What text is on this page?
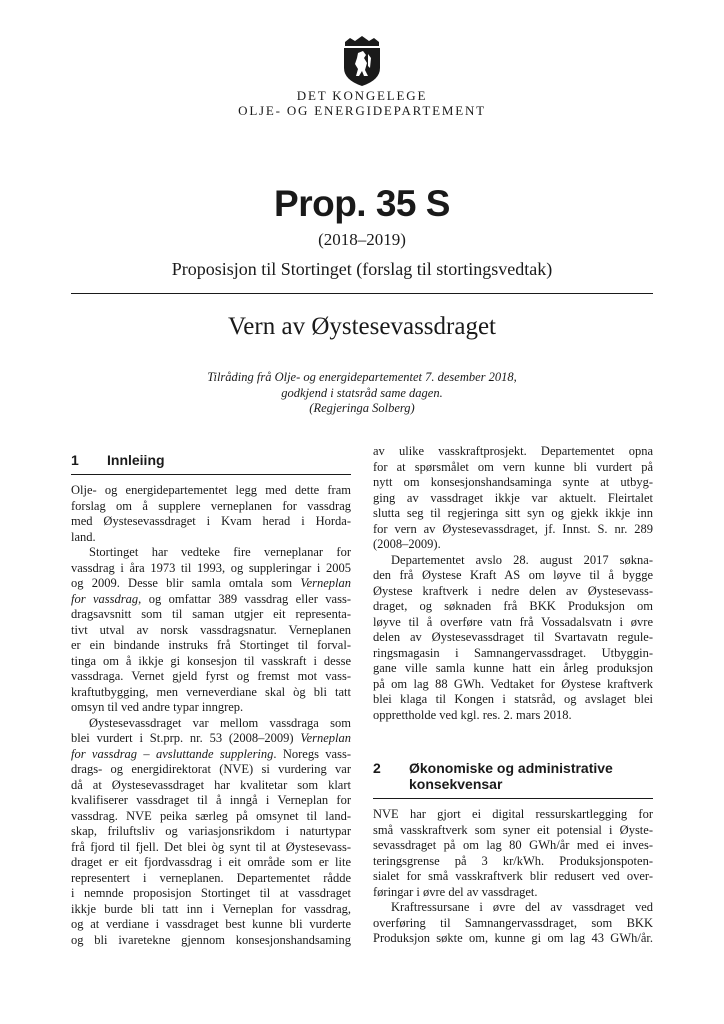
DET KONGELEGE
OLJE- OG ENERGIDEPARTEMENT
Prop. 35 S
(2018–2019)
Proposisjon til Stortinget (forslag til stortingsvedtak)
Vern av Øystesevassdraget
Tilråding frå Olje- og energidepartementet 7. desember 2018,
godkjend i statsråd same dagen.
(Regjeringa Solberg)
1	Innleiing

Olje- og energidepartementet legg med dette fram
forslag om å supplere verneplanen for vassdrag
med Øystesevassdraget i Kvam herad i Horda-
land.

Stortinget har vedteke fire verneplanar for
vassdrag i åra 1973 til 1993, og suppleringar i 2005
og 2009. Desse blir samla omtala som Verneplan
for vassdrag, og omfattar 389 vassdrag eller vass-
dragsavsnitt som til saman utgjer eit representa-
tivt utval av norsk vassdragsnatur. Verneplanen
er ein bindande instruks frå Stortinget til forval-
tinga om å ikkje gi konsesjon til vasskraft i desse
vassdraga. Vernet gjeld fyrst og fremst mot vass-
kraftutbygging, men verneverdiane skal òg bli tatt
omsyn til ved andre typar inngrep.

Øystesevassdraget var mellom vassdraga som
blei vurdert i St.prp. nr. 53 (2008–2009) Verneplan
for vassdrag – avsluttande supplering. Noregs vass-
drags- og energidirektorat (NVE) si vurdering var
då at Øystesevassdraget har kvalitetar som klart
kvalifiserer vassdraget til å inngå i Verneplan for
vassdrag. NVE peika særleg på omsynet til land-
skap, friluftsliv og variasjonsrikdom i naturtypar
frå fjord til fjell. Det blei òg synt til at Øystesevass-
draget er eit fjordvassdrag i eit område som er lite
representert i verneplanen. Departementet rådde
i nemnde proposisjon Stortinget til at vassdraget
ikkje burde bli tatt inn i Verneplan for vassdrag,
og at verdiane i vassdraget best kunne bli vurderte
og bli ivaretekne gjennom konsesjonshandsaming

av ulike vasskraftprosjekt. Departementet opna
for at spørsmålet om vern kunne bli vurdert på
nytt om konsesjonshandsaminga synte at utbyg-
ging av vassdraget ikkje var aktuelt. Fleirtalet
slutta seg til regjeringa sitt syn og gjekk ikkje inn
for vern av Øystesevassdraget, jf. Innst. S. nr. 289
(2008–2009).

Departementet avslo 28. august 2017 søkna-
den frå Øystese Kraft AS om løyve til å bygge
Øystese kraftverk i nedre delen av Øystesevass-
draget, og søknaden frå BKK Produksjon om
løyve til å overføre vatn frå Vossadalsvatn i øvre
delen av Øystesevassdraget til Svartavatn regule-
ringsmagasin i Samnangervassdraget. Utbyggin-
gane ville samla kunne hatt ein årleg produksjon
på om lag 88 GWh. Vedtaket for Øystese kraftverk
blei klaga til Kongen i statsråd, og avslaget blei
opprettholde ved kgl. res. 2. mars 2018.

2	Økonomiske og administrative
konsekvensar

NVE har gjort ei digital ressurskartlegging for
små vasskraftverk som syner eit potensial i Øyste-
sevassdraget på om lag 80 GWh/år med ei inves-
teringsgrense på 3 kr/kWh. Produksjonspoten-
sialet for små vasskraftverk blir redusert ved over-
føringar i øvre del av vassdraget.

Kraftressursane i øvre del av vassdraget ved
overføring til Samnangervassdraget, som BKK
Produksjon søkte om, kunne gi om lag 43 GWh/år.
